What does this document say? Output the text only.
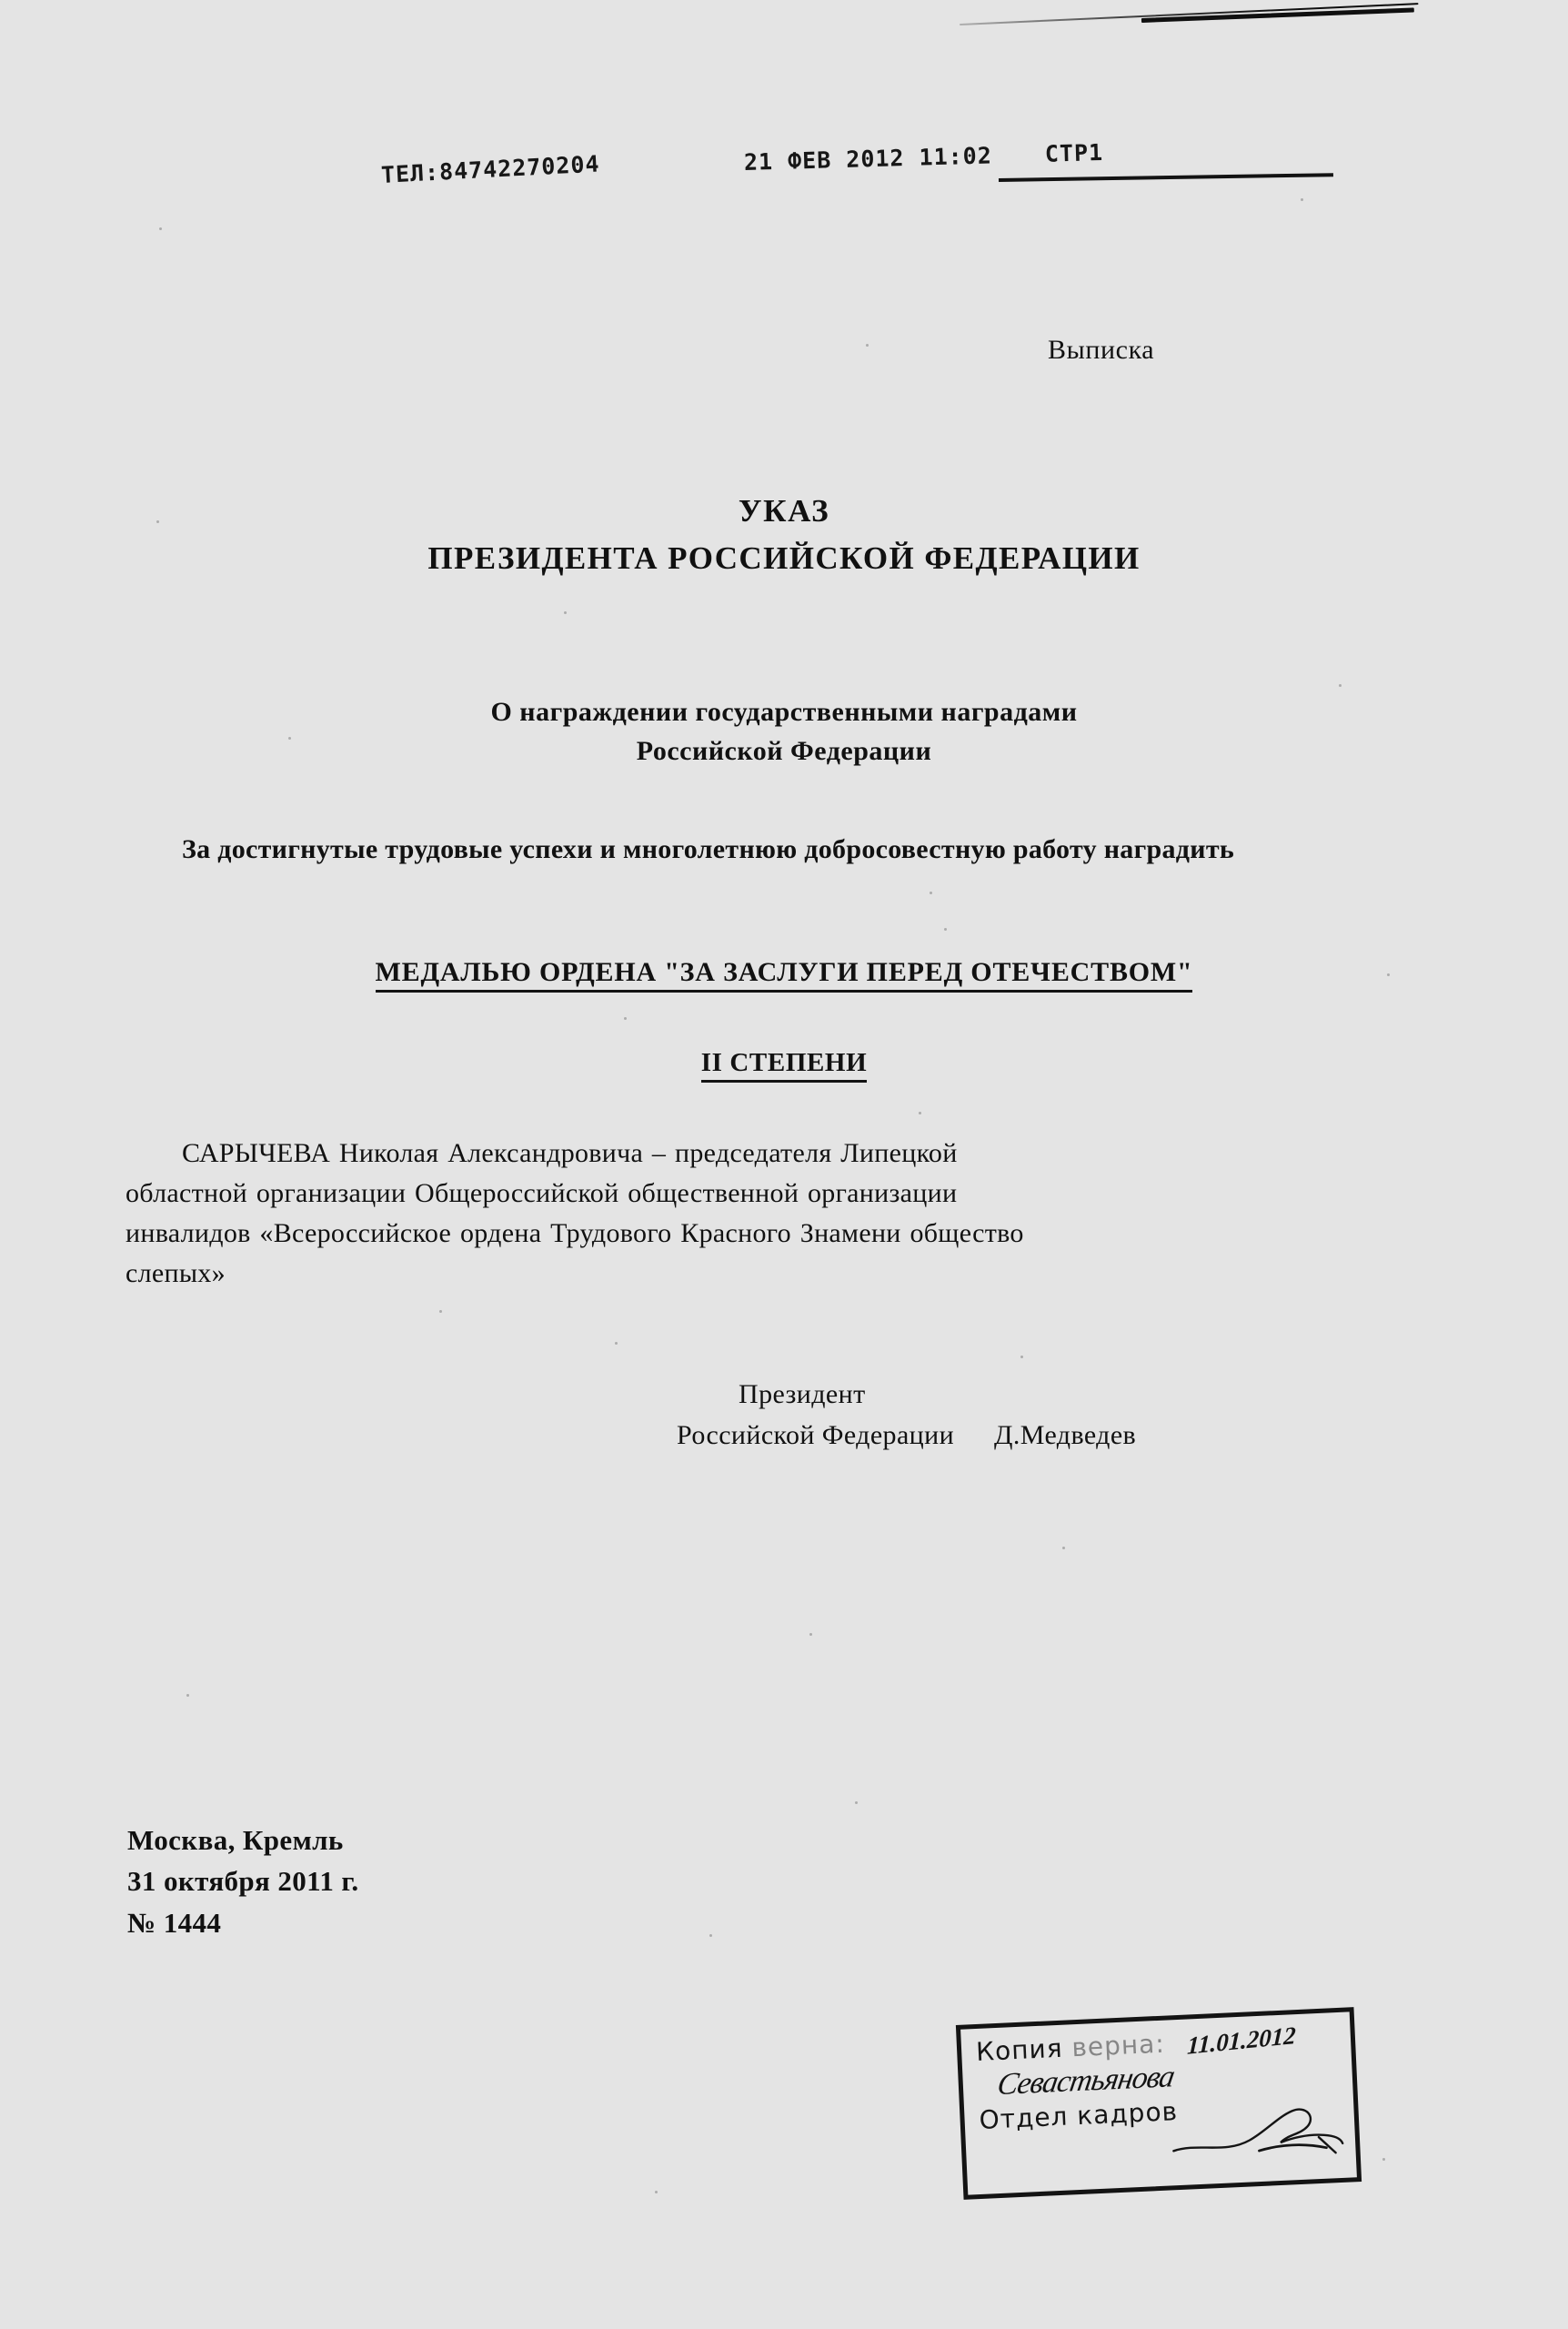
ТЕЛ:84742270204	21 ФЕВ 2012 11:02 СТР1
Выписка
УКАЗ
ПРЕЗИДЕНТА РОССИЙСКОЙ ФЕДЕРАЦИИ
О награждении государственными наградами
Российской Федерации
За достигнутые трудовые успехи и многолетнюю добросовестную работу наградить
МЕДАЛЬЮ ОРДЕНА "ЗА ЗАСЛУГИ ПЕРЕД ОТЕЧЕСТВОМ"
II СТЕПЕНИ
САРЫЧЕВА Николая Александровича – председателя Липецкой
областной организации Общероссийской общественной организации
инвалидов «Всероссийское ордена Трудового Красного Знамени общество
слепых»
Президент
Российской Федерации Д.Медведев
Москва, Кремль
31 октября 2011 г.
№ 1444
Копия верна: 11.01.2012
Севастьянова
Отдел кадров
